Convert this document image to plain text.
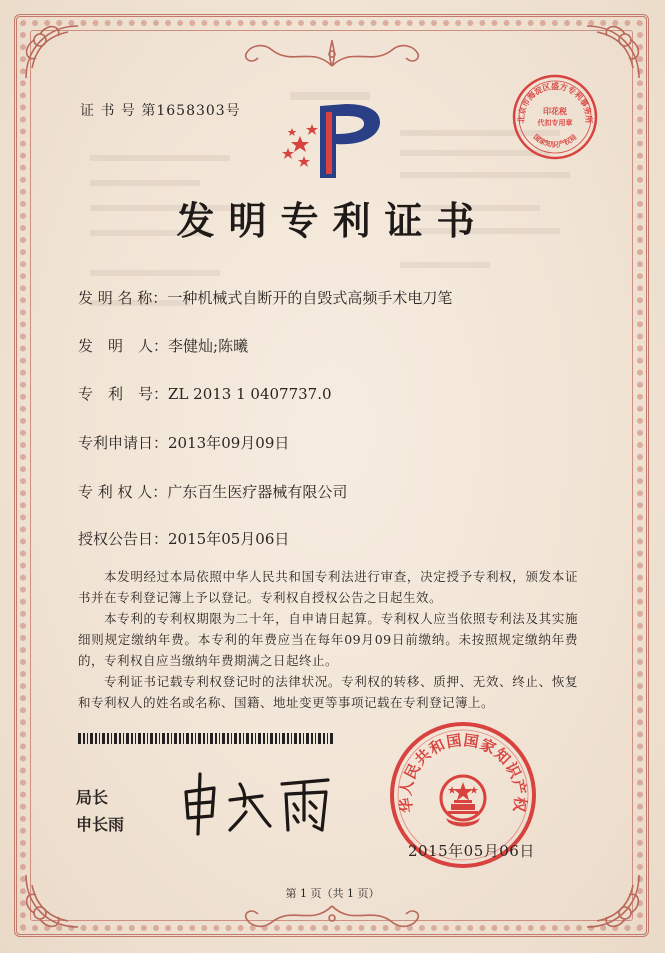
证 书 号 第1658303号
北京市海淀区盛方专利事务所
印花税
代扣专用章
国家知识产权局
发明专利证书
发 明 名 称：一种机械式自断开的自毁式高频手术电刀笔
发　明　人：李健灿;陈曦
专　利　号：ZL 2013 1 0407737.0
专利申请日：2013年09月09日
专 利 权 人：广东百生医疗器械有限公司
授权公告日：2015年05月06日
本发明经过本局依照中华人民共和国专利法进行审查，决定授予专利权，颁发本证书并在专利登记簿上予以登记。专利权自授权公告之日起生效。
本专利的专利权期限为二十年，自申请日起算。专利权人应当依照专利法及其实施细则规定缴纳年费。本专利的年费应当在每年09月09日前缴纳。未按照规定缴纳年费的，专利权自应当缴纳年费期满之日起终止。
专利证书记载专利权登记时的法律状况。专利权的转移、质押、无效、终止、恢复和专利权人的姓名或名称、国籍、地址变更等事项记载在专利登记簿上。
局长
申长雨
华人民共和国国家知识产权
2015年05月06日
第 1 页（共 1 页）
